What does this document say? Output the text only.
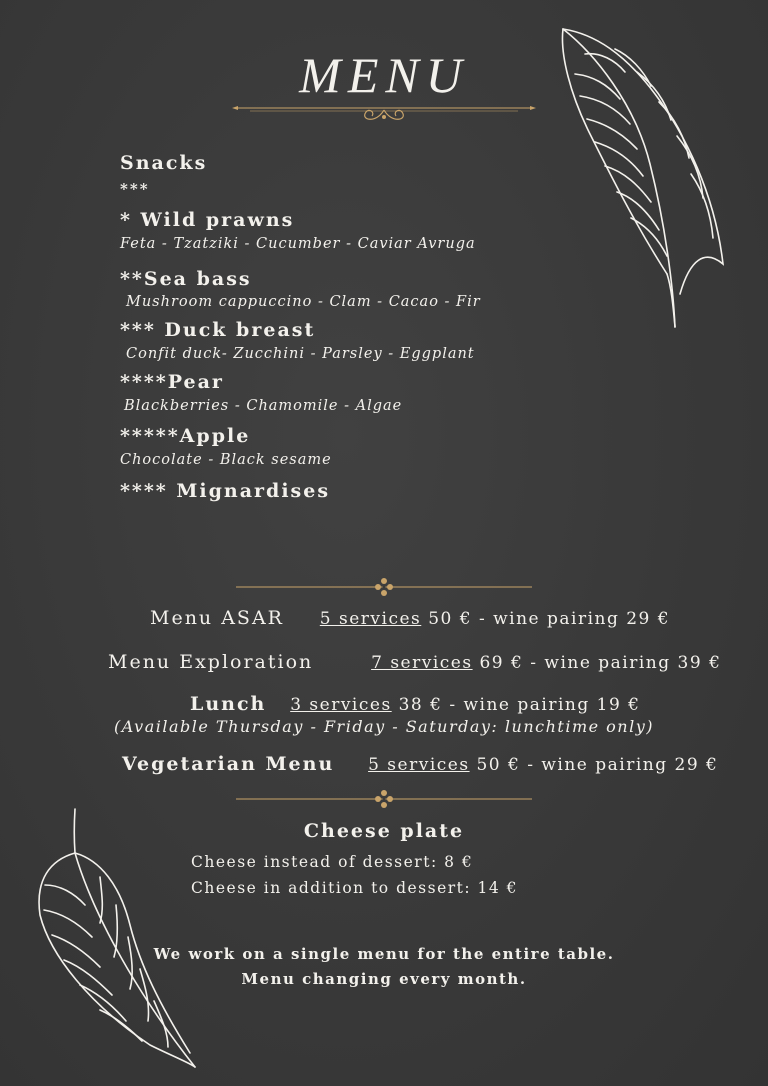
MENU
Snacks
***
* Wild prawns
Feta - Tzatziki - Cucumber - Caviar Avruga
**Sea bass
Mushroom cappuccino - Clam - Cacao - Fir
*** Duck breast
Confit duck- Zucchini - Parsley - Eggplant
****Pear
Blackberries - Chamomile - Algae
*****Apple
Chocolate - Black sesame
**** Mignardises
Menu ASAR 5 services 50 € - wine pairing 29 €
Menu Exploration	7 services 69 € - wine pairing 39 €
Lunch 3 services 38 € - wine pairing 19 €
(Available Thursday - Friday - Saturday: lunchtime only)
Vegetarian Menu 5 services 50 € - wine pairing 29 €
Cheese plate
Cheese instead of dessert: 8 €
Cheese in addition to dessert: 14 €
We work on a single menu for the entire table.
Menu changing every month.
